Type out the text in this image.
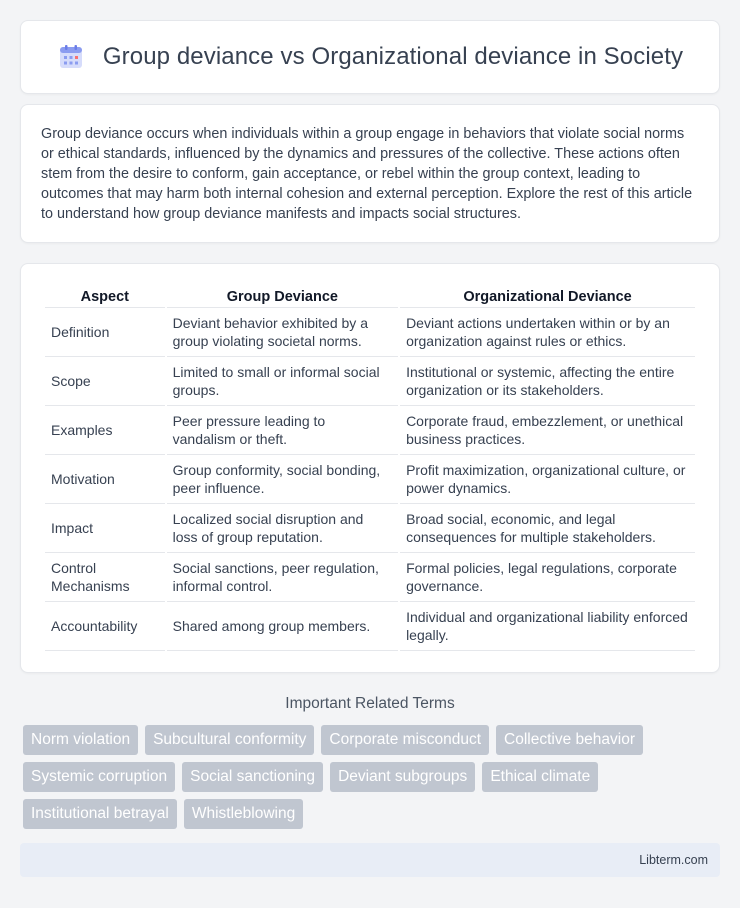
Group deviance vs Organizational deviance in Society

Group deviance occurs when individuals within a group engage in behaviors that violate social norms or ethical standards, influenced by the dynamics and pressures of the collective. These actions often stem from the desire to conform, gain acceptance, or rebel within the group context, leading to outcomes that may harm both internal cohesion and external perception. Explore the rest of this article to understand how group deviance manifests and impacts social structures.

Aspect	Group Deviance	Organizational Deviance
Definition	Deviant behavior exhibited by a group violating societal norms.	Deviant actions undertaken within or by an organization against rules or ethics.
Scope	Limited to small or informal social groups.	Institutional or systemic, affecting the entire organization or its stakeholders.
Examples	Peer pressure leading to vandalism or theft.	Corporate fraud, embezzlement, or unethical business practices.
Motivation	Group conformity, social bonding, peer influence.	Profit maximization, organizational culture, or power dynamics.
Impact	Localized social disruption and loss of group reputation.	Broad social, economic, and legal consequences for multiple stakeholders.
Control Mechanisms	Social sanctions, peer regulation, informal control.	Formal policies, legal regulations, corporate governance.
Accountability	Shared among group members.	Individual and organizational liability enforced legally.
Important Related Terms
Norm violation	Subcultural conformity	Corporate misconduct	Collective behavior
Systemic corruption	Social sanctioning	Deviant subgroups	Ethical climate
Institutional betrayal	Whistleblowing
Libterm.com
